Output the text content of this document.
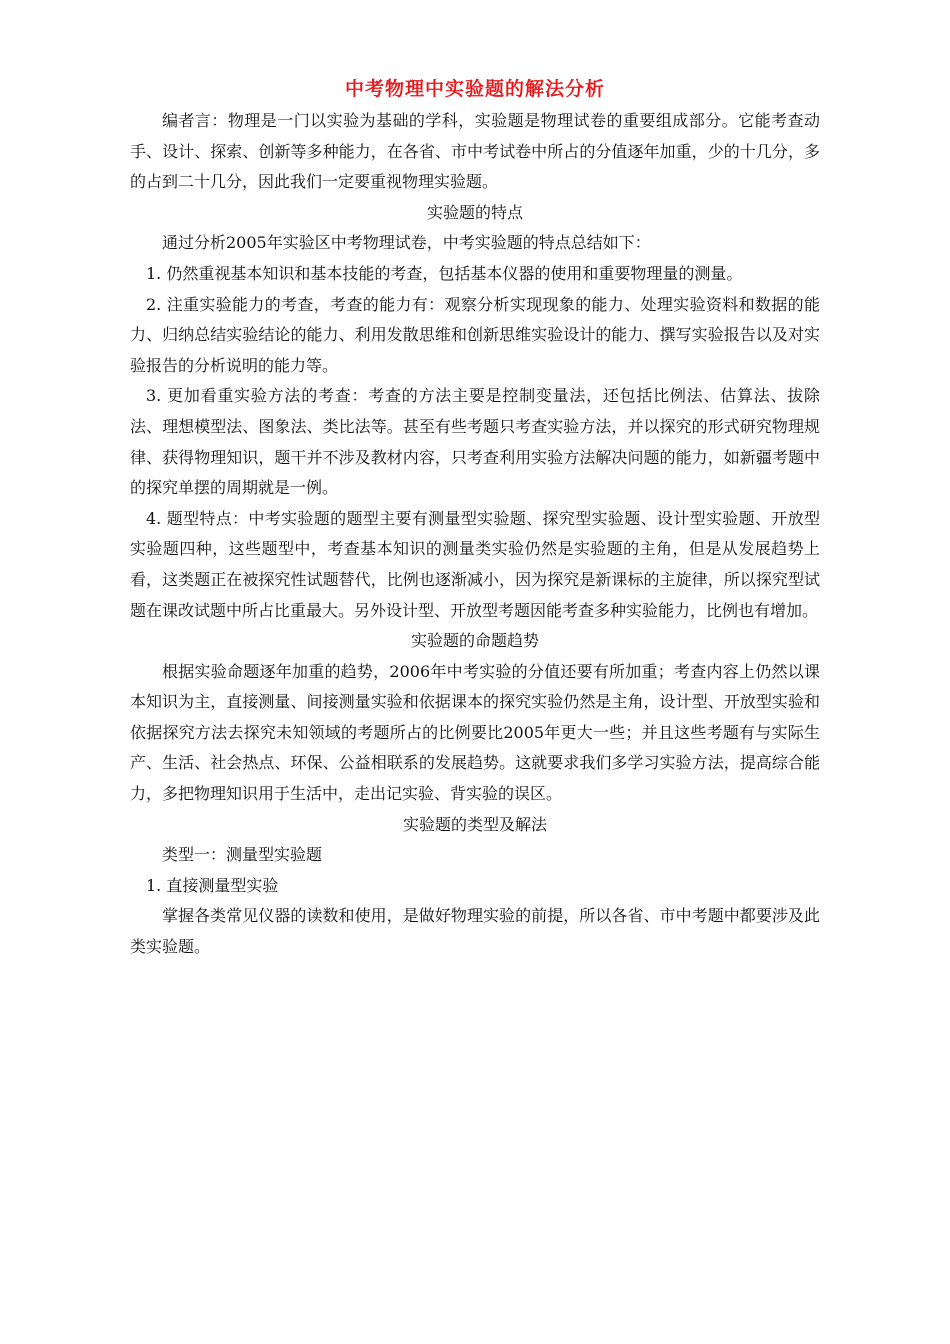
中考物理中实验题的解法分析

编者言：物理是一门以实验为基础的学科，实验题是物理试卷的重要组成部分。它能考查动手、设计、探索、创新等多种能力，在各省、市中考试卷中所占的分值逐年加重，少的十几分，多的占到二十几分，因此我们一定要重视物理实验题。

实验题的特点

通过分析2005年实验区中考物理试卷，中考实验题的特点总结如下：

1. 仍然重视基本知识和基本技能的考查，包括基本仪器的使用和重要物理量的测量。

2. 注重实验能力的考查，考查的能力有：观察分析实现现象的能力、处理实验资料和数据的能力、归纳总结实验结论的能力、利用发散思维和创新思维实验设计的能力、撰写实验报告以及对实验报告的分析说明的能力等。

3. 更加看重实验方法的考查：考查的方法主要是控制变量法，还包括比例法、估算法、拔除法、理想模型法、图象法、类比法等。甚至有些考题只考查实验方法，并以探究的形式研究物理规律、获得物理知识，题干并不涉及教材内容，只考查利用实验方法解决问题的能力，如新疆考题中的探究单摆的周期就是一例。

4. 题型特点：中考实验题的题型主要有测量型实验题、探究型实验题、设计型实验题、开放型实验题四种，这些题型中，考查基本知识的测量类实验仍然是实验题的主角，但是从发展趋势上看，这类题正在被探究性试题替代，比例也逐渐减小，因为探究是新课标的主旋律，所以探究型试题在课改试题中所占比重最大。另外设计型、开放型考题因能考查多种实验能力，比例也有增加。

实验题的命题趋势

根据实验命题逐年加重的趋势，2006年中考实验的分值还要有所加重；考查内容上仍然以课本知识为主，直接测量、间接测量实验和依据课本的探究实验仍然是主角，设计型、开放型实验和依据探究方法去探究未知领域的考题所占的比例要比2005年更大一些；并且这些考题有与实际生产、生活、社会热点、环保、公益相联系的发展趋势。这就要求我们多学习实验方法，提高综合能力，多把物理知识用于生活中，走出记实验、背实验的误区。

实验题的类型及解法

类型一：测量型实验题

1. 直接测量型实验

掌握各类常见仪器的读数和使用，是做好物理实验的前提，所以各省、市中考题中都要涉及此类实验题。
